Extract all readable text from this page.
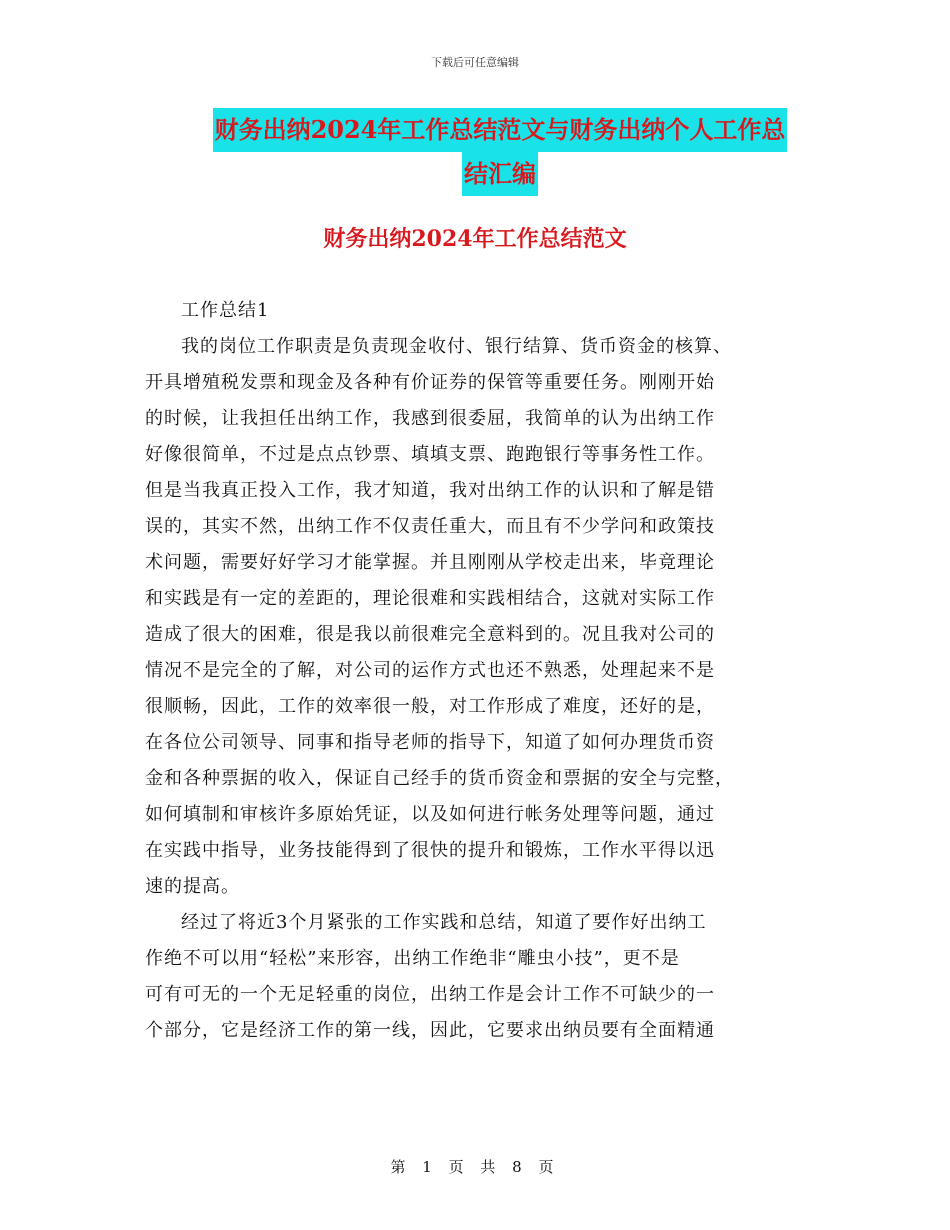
下载后可任意编辑
财务出纳2024年工作总结范文与财务出纳个人工作总
结汇编
财务出纳2024年工作总结范文

工作总结1

我的岗位工作职责是负责现金收付、银行结算、货币资金的核算、
开具增殖税发票和现金及各种有价证券的保管等重要任务。刚刚开始
的时候，让我担任出纳工作，我感到很委屈，我简单的认为出纳工作
好像很简单，不过是点点钞票、填填支票、跑跑银行等事务性工作。
但是当我真正投入工作，我才知道，我对出纳工作的认识和了解是错
误的，其实不然，出纳工作不仅责任重大，而且有不少学问和政策技
术问题，需要好好学习才能掌握。并且刚刚从学校走出来，毕竟理论
和实践是有一定的差距的，理论很难和实践相结合，这就对实际工作
造成了很大的困难，很是我以前很难完全意料到的。况且我对公司的
情况不是完全的了解，对公司的运作方式也还不熟悉，处理起来不是
很顺畅，因此，工作的效率很一般，对工作形成了难度，还好的是，
在各位公司领导、同事和指导老师的指导下，知道了如何办理货币资
金和各种票据的收入，保证自己经手的货币资金和票据的安全与完整，
如何填制和审核许多原始凭证，以及如何进行帐务处理等问题，通过
在实践中指导，业务技能得到了很快的提升和锻炼，工作水平得以迅
速的提高。

经过了将近3个月紧张的工作实践和总结，知道了要作好出纳工
作绝不可以用“轻松”来形容，出纳工作绝非“雕虫小技”，更不是
可有可无的一个无足轻重的岗位，出纳工作是会计工作不可缺少的一
个部分，它是经济工作的第一线，因此，它要求出纳员要有全面精通

第 1 页 共 8 页
